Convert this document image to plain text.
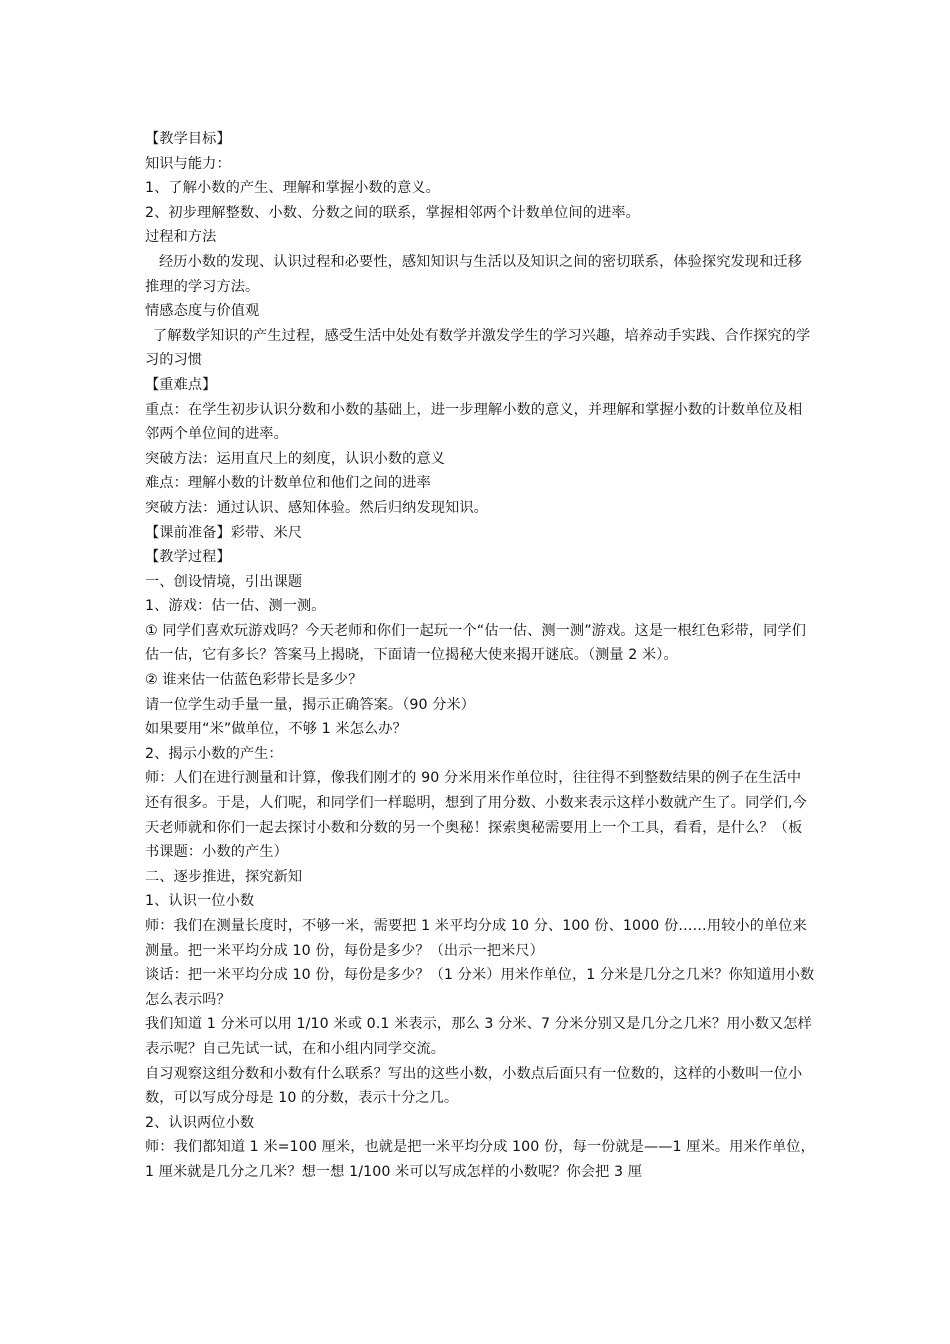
【教学目标】

知识与能力：

1、了解小数的产生、理解和掌握小数的意义。

2、初步理解整数、小数、分数之间的联系，掌握相邻两个计数单位间的进率。

过程和方法

经历小数的发现、认识过程和必要性，感知知识与生活以及知识之间的密切联系，体验探究发现和迁移推理的学习方法。

情感态度与价值观

了解数学知识的产生过程，感受生活中处处有数学并激发学生的学习兴趣，培养动手实践、合作探究的学习的习惯

【重难点】

重点：在学生初步认识分数和小数的基础上，进一步理解小数的意义，并理解和掌握小数的计数单位及相邻两个单位间的进率。

突破方法：运用直尺上的刻度，认识小数的意义

难点：理解小数的计数单位和他们之间的进率

突破方法：通过认识、感知体验。然后归纳发现知识。

【课前准备】彩带、米尺

【教学过程】

一、创设情境，引出课题

1、游戏：估一估、测一测。

① 同学们喜欢玩游戏吗？今天老师和你们一起玩一个“估一估、测一测”游戏。这是一根红色彩带，同学们估一估，它有多长？答案马上揭晓，下面请一位揭秘大使来揭开谜底。（测量 2 米）。

② 谁来估一估蓝色彩带长是多少？

请一位学生动手量一量，揭示正确答案。（90 分米）

如果要用“米”做单位，不够 1 米怎么办？

2、揭示小数的产生：

师：人们在进行测量和计算，像我们刚才的 90 分米用米作单位时，往往得不到整数结果的例子在生活中还有很多。于是，人们呢，和同学们一样聪明，想到了用分数、小数来表示这样小数就产生了。同学们,今天老师就和你们一起去探讨小数和分数的另一个奥秘！探索奥秘需要用上一个工具，看看，是什么？（板书课题：小数的产生）

二、逐步推进，探究新知

1、认识一位小数

师：我们在测量长度时，不够一米，需要把 1 米平均分成 10 分、100 份、1000 份……用较小的单位来测量。把一米平均分成 10 份，每份是多少？（出示一把米尺）

谈话：把一米平均分成 10 份，每份是多少？（1 分米）用米作单位，1 分米是几分之几米？你知道用小数怎么表示吗？

我们知道 1 分米可以用 1/10 米或 0.1 米表示，那么 3 分米、7 分米分别又是几分之几米？用小数又怎样表示呢？自己先试一试，在和小组内同学交流。

自习观察这组分数和小数有什么联系？写出的这些小数，小数点后面只有一位数的，这样的小数叫一位小数，可以写成分母是 10 的分数，表示十分之几。

2、认识两位小数

师：我们都知道 1 米=100 厘米，也就是把一米平均分成 100 份，每一份就是——1 厘米。用米作单位，1 厘米就是几分之几米？想一想 1/100 米可以写成怎样的小数呢？你会把 3 厘
